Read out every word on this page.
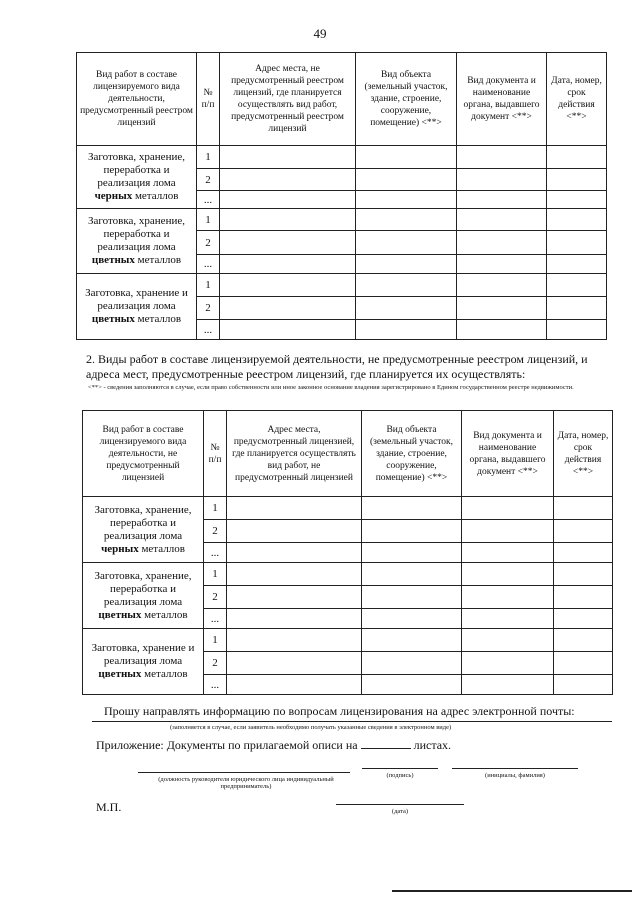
49
Вид работ в составе лицензируемого вида деятельности, предусмотренный реестром лицензий	№ п/п	Адрес места, не предусмотренный реестром лицензий, где планируется осуществлять вид работ, предусмотренный реестром лицензий	Вид объекта (земельный участок, здание, строение, сооружение, помещение) <**>	Вид документа и наименование органа, выдавшего документ <**>	Дата, номер, срок действия <**>
Заготовка, хранение, переработка и реализация лома черных металлов	1				
	2				
	...				
Заготовка, хранение, переработка и реализация лома цветных металлов	1				
	2				
	...				
Заготовка, хранение и реализация лома цветных металлов	1				
	2				
	...				
2. Виды работ в составе лицензируемой деятельности, не предусмотренные реестром лицензий, и адреса мест, предусмотренные реестром лицензий, где планируется их осуществлять:
<**> - сведения заполняются в случае, если право собственности или иное законное основание владения зарегистрировано в Едином государственном реестре недвижимости.
Вид работ в составе лицензируемого вида деятельности, не предусмотренный лицензией	№ п/п	Адрес места, предусмотренный лицензией, где планируется осуществлять вид работ, не предусмотренный лицензией	Вид объекта (земельный участок, здание, строение, сооружение, помещение) <**>	Вид документа и наименование органа, выдавшего документ <**>	Дата, номер, срок действия <**>
Заготовка, хранение, переработка и реализация лома черных металлов	1				
	2				
	...				
Заготовка, хранение, переработка и реализация лома цветных металлов	1				
	2				
	...				
Заготовка, хранение и реализация лома цветных металлов	1				
	2				
	...				
Прошу направлять информацию по вопросам лицензирования на адрес электронной почты:
(заполняется в случае, если заявитель необходимо получать указанные сведения в электронном виде)
Приложение: Документы по прилагаемой описи на	листах.
(должность руководителя юридического лица индивидуальный предприниматель)
(подпись)	(инициалы, фамилия)
М.П.	(дата)
